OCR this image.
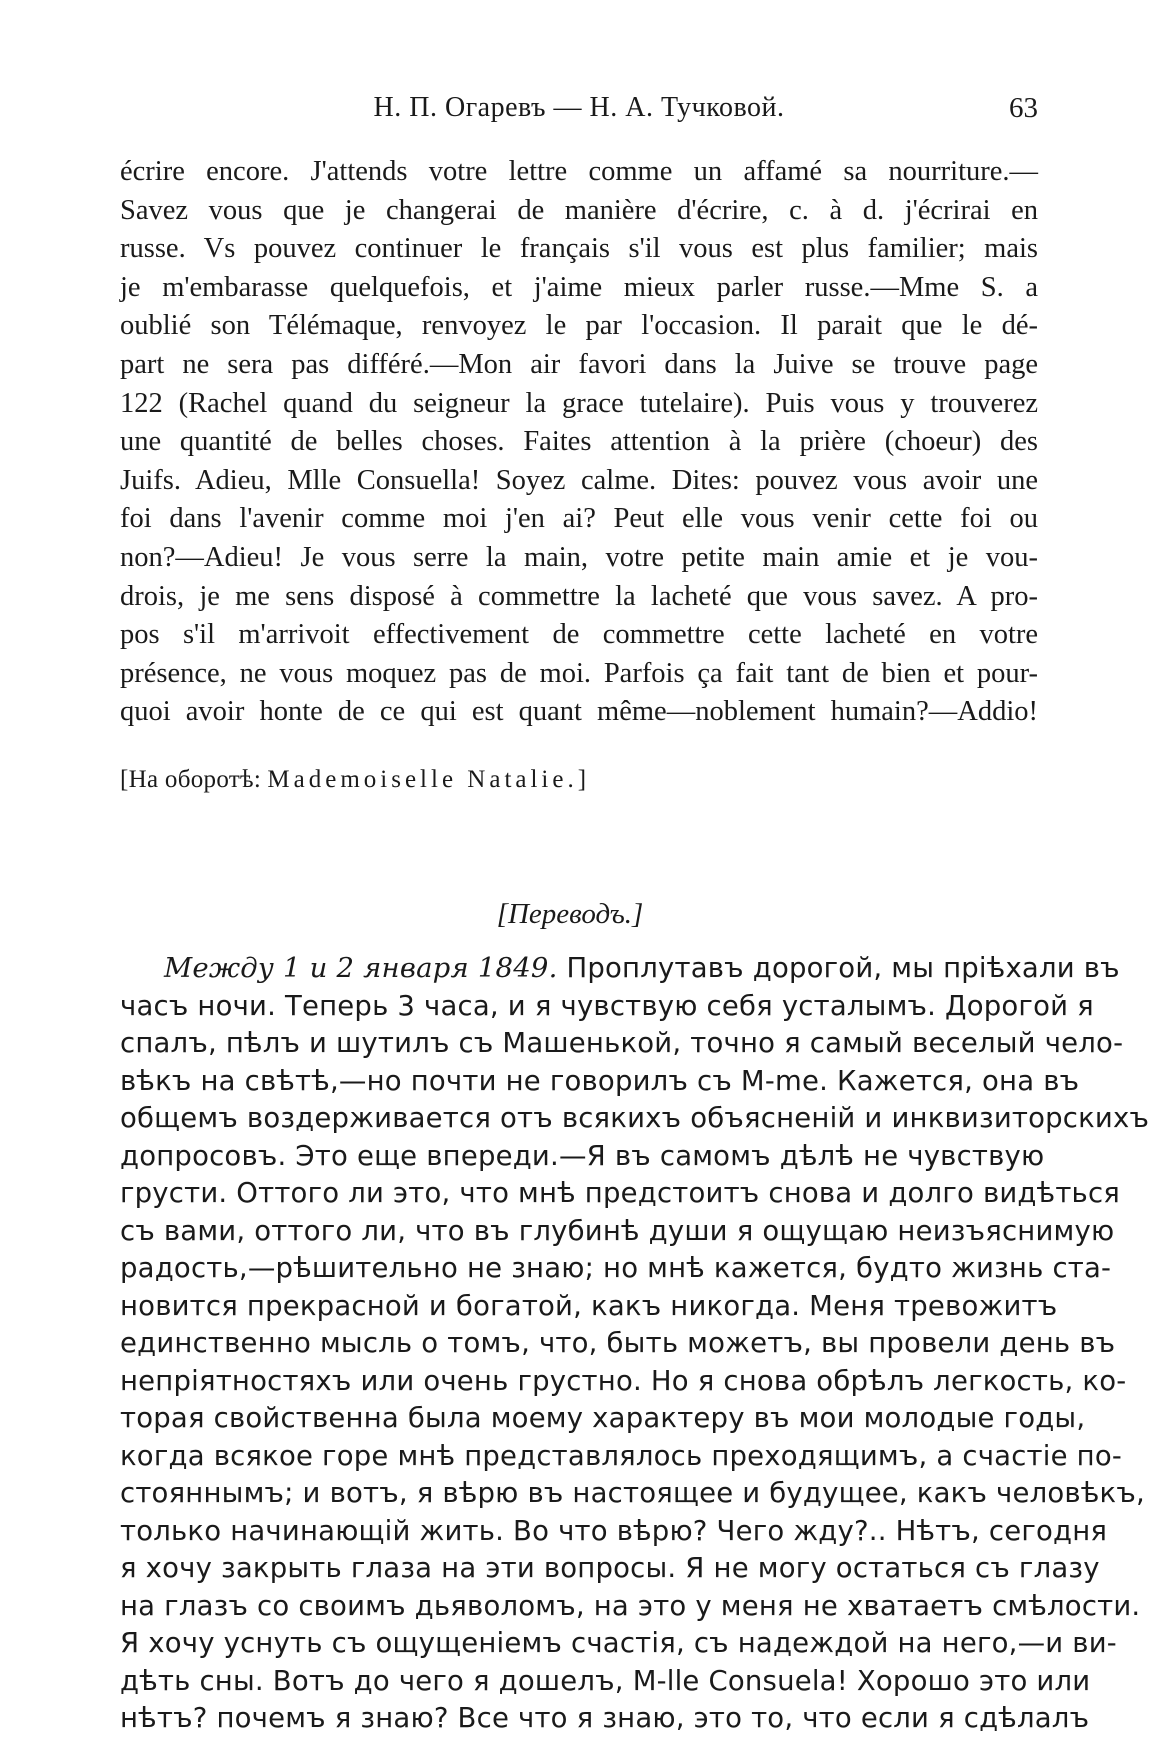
Н. П. Огаревъ — Н. А. Тучковой.	63
écrire encore. J'attends votre lettre comme un affamé sa nourriture.—
Savez vous que je changerai de manière d'écrire, c. à d. j'écrirai en
russe. Vs pouvez continuer le français s'il vous est plus familier; mais
je m'embarasse quelquefois, et j'aime mieux parler russe.—Mme S. a
oublié son Télémaque, renvoyez le par l'occasion. Il parait que le dé-
part ne sera pas différé.—Mon air favori dans la Juive se trouve page
122 (Rachel quand du seigneur la grace tutelaire). Puis vous y trouverez
une quantité de belles choses. Faites attention à la prière (choeur) des
Juifs. Adieu, Mlle Consuella! Soyez calme. Dites: pouvez vous avoir une
foi dans l'avenir comme moi j'en ai? Peut elle vous venir cette foi ou
non?—Adieu! Je vous serre la main, votre petite main amie et je vou-
drois, je me sens disposé à commettre la lacheté que vous savez. A pro-
pos s'il m'arrivoit effectivement de commettre cette lacheté en votre
présence, ne vous moquez pas de moi. Parfois ça fait tant de bien et pour-
quoi avoir honte de ce qui est quant même—noblement humain?—Addio!
[На оборотѣ: Mademoiselle Natalie.]
[Переводъ.]
Между 1 и 2 января 1849. Проплутавъ дорогой, мы пріѣхали въ
часъ ночи. Теперь 3 часа, и я чувствую себя усталымъ. Дорогой я
спалъ, пѣлъ и шутилъ съ Машенькой, точно я самый веселый чело-
вѣкъ на свѣтѣ,—но почти не говорилъ съ M-me. Кажется, она въ
общемъ воздерживается отъ всякихъ объясненій и инквизиторскихъ
допросовъ. Это еще впереди.—Я въ самомъ дѣлѣ не чувствую
грусти. Оттого ли это, что мнѣ предстоитъ снова и долго видѣться
съ вами, оттого ли, что въ глубинѣ души я ощущаю неизъяснимую
радость,—рѣшительно не знаю; но мнѣ кажется, будто жизнь ста-
новится прекрасной и богатой, какъ никогда. Меня тревожитъ
единственно мысль о томъ, что, быть можетъ, вы провели день въ
непріятностяхъ или очень грустно. Но я снова обрѣлъ легкость, ко-
торая свойственна была моему характеру въ мои молодые годы,
когда всякое горе мнѣ представлялось преходящимъ, а счастіе по-
стояннымъ; и вотъ, я вѣрю въ настоящее и будущее, какъ человѣкъ,
только начинающій жить. Во что вѣрю? Чего жду?.. Нѣтъ, сегодня
я хочу закрыть глаза на эти вопросы. Я не могу остаться съ глазу
на глазъ со своимъ дьяволомъ, на это у меня не хватаетъ смѣлости.
Я хочу уснуть съ ощущеніемъ счастія, съ надеждой на него,—и ви-
дѣть сны. Вотъ до чего я дошелъ, M-lle Consuela! Хорошо это или
нѣтъ? почемъ я знаю? Все что я знаю, это то, что если я сдѣлалъ
